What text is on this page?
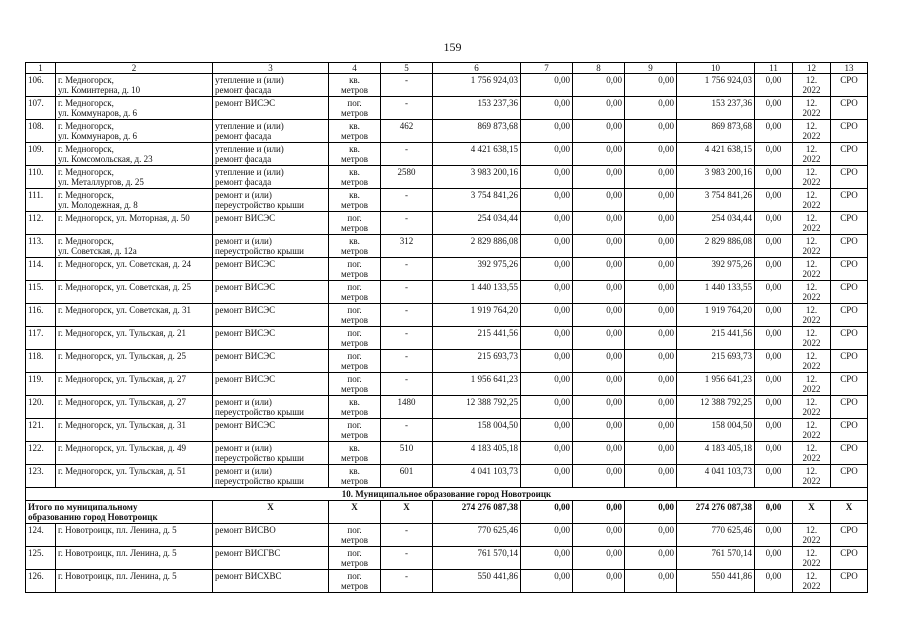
159
1	2	3	4	5	6	7	8	9	10	11	12	13
106.	г. Медногорск,
ул. Коминтерна, д. 10	утепление и (или)
ремонт фасада	кв.
метров	-	1 756 924,03	0,00	0,00	0,00	1 756 924,03	0,00	12.
2022	СРО
107.	г. Медногорск,
ул. Коммунаров, д. 6	ремонт ВИСЭС	пог.
метров	-	153 237,36	0,00	0,00	0,00	153 237,36	0,00	12.
2022	СРО
108.	г. Медногорск,
ул. Коммунаров, д. 6	утепление и (или)
ремонт фасада	кв.
метров	462	869 873,68	0,00	0,00	0,00	869 873,68	0,00	12.
2022	СРО
109.	г. Медногорск,
ул. Комсомольская, д. 23	утепление и (или)
ремонт фасада	кв.
метров	-	4 421 638,15	0,00	0,00	0,00	4 421 638,15	0,00	12.
2022	СРО
110.	г. Медногорск,
ул. Металлургов, д. 25	утепление и (или)
ремонт фасада	кв.
метров	2580	3 983 200,16	0,00	0,00	0,00	3 983 200,16	0,00	12.
2022	СРО
111.	г. Медногорск,
ул. Молодежная, д. 8	ремонт и (или)
переустройство крыши	кв.
метров	-	3 754 841,26	0,00	0,00	0,00	3 754 841,26	0,00	12.
2022	СРО
112.	г. Медногорск, ул. Моторная, д. 50	ремонт ВИСЭС	пог.
метров	-	254 034,44	0,00	0,00	0,00	254 034,44	0,00	12.
2022	СРО
113.	г. Медногорск,
ул. Советская, д. 12а	ремонт и (или)
переустройство крыши	кв.
метров	312	2 829 886,08	0,00	0,00	0,00	2 829 886,08	0,00	12.
2022	СРО
114.	г. Медногорск, ул. Советская, д. 24	ремонт ВИСЭС	пог.
метров	-	392 975,26	0,00	0,00	0,00	392 975,26	0,00	12.
2022	СРО
115.	г. Медногорск, ул. Советская, д. 25	ремонт ВИСЭС	пог.
метров	-	1 440 133,55	0,00	0,00	0,00	1 440 133,55	0,00	12.
2022	СРО
116.	г. Медногорск, ул. Советская, д. 31	ремонт ВИСЭС	пог.
метров	-	1 919 764,20	0,00	0,00	0,00	1 919 764,20	0,00	12.
2022	СРО
117.	г. Медногорск, ул. Тульская, д. 21	ремонт ВИСЭС	пог.
метров	-	215 441,56	0,00	0,00	0,00	215 441,56	0,00	12.
2022	СРО
118.	г. Медногорск, ул. Тульская, д. 25	ремонт ВИСЭС	пог.
метров	-	215 693,73	0,00	0,00	0,00	215 693,73	0,00	12.
2022	СРО
119.	г. Медногорск, ул. Тульская, д. 27	ремонт ВИСЭС	пог.
метров	-	1 956 641,23	0,00	0,00	0,00	1 956 641,23	0,00	12.
2022	СРО
120.	г. Медногорск, ул. Тульская, д. 27	ремонт и (или)
переустройство крыши	кв.
метров	1480	12 388 792,25	0,00	0,00	0,00	12 388 792,25	0,00	12.
2022	СРО
121.	г. Медногорск, ул. Тульская, д. 31	ремонт ВИСЭС	пог.
метров	-	158 004,50	0,00	0,00	0,00	158 004,50	0,00	12.
2022	СРО
122.	г. Медногорск, ул. Тульская, д. 49	ремонт и (или)
переустройство крыши	кв.
метров	510	4 183 405,18	0,00	0,00	0,00	4 183 405,18	0,00	12.
2022	СРО
123.	г. Медногорск, ул. Тульская, д. 51	ремонт и (или)
переустройство крыши	кв.
метров	601	4 041 103,73	0,00	0,00	0,00	4 041 103,73	0,00	12.
2022	СРО
10. Муниципальное образование город Новотроицк												

Итого по муниципальному
образованию город Новотроицк		X	X	X	274 276 087,38	0,00	0,00	0,00	274 276 087,38	0,00	X	X
124.	г. Новотроицк, пл. Ленина, д. 5	ремонт ВИСВО	пог.
метров	-	770 625,46	0,00	0,00	0,00	770 625,46	0,00	12.
2022	СРО
125.	г. Новотроицк, пл. Ленина, д. 5	ремонт ВИСГВС	пог.
метров	-	761 570,14	0,00	0,00	0,00	761 570,14	0,00	12.
2022	СРО
126.	г. Новотроицк, пл. Ленина, д. 5	ремонт ВИСХВС	пог.
метров	-	550 441,86	0,00	0,00	0,00	550 441,86	0,00	12.
2022	СРО
